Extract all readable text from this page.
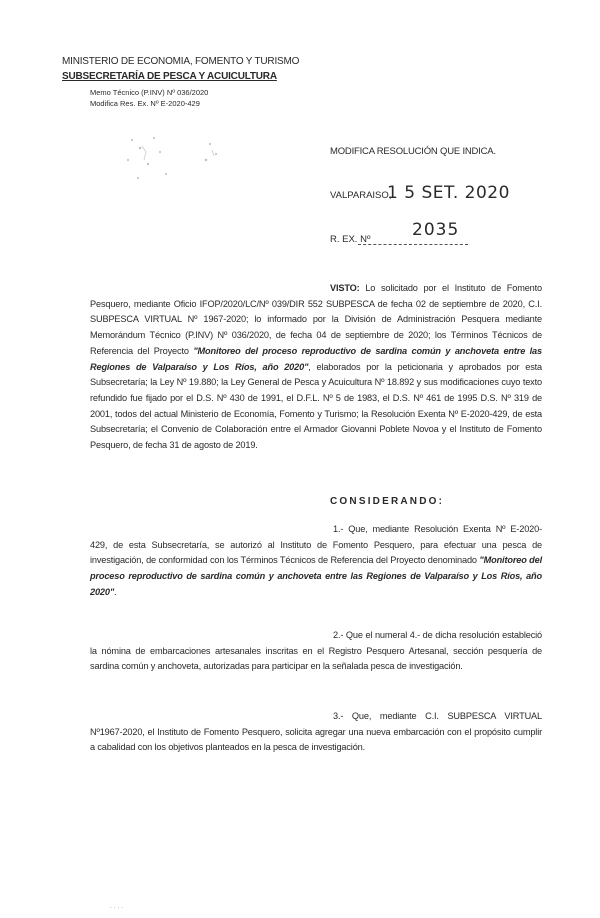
MINISTERIO DE ECONOMIA, FOMENTO Y TURISMO
SUBSECRETARÍA DE PESCA Y ACUICULTURA
Memo Técnico (P.INV) Nº 036/2020
Modifica Res. Ex. Nº E-2020-429
MODIFICA RESOLUCIÓN QUE INDICA.
VALPARAISO,
1 5 SET. 2020
R. EX. Nº 2035
VISTO: Lo solicitado por el Instituto de Fomento Pesquero, mediante Oficio IFOP/2020/LC/Nº 039/DIR 552 SUBPESCA de fecha 02 de septiembre de 2020, C.I. SUBPESCA VIRTUAL Nº 1967-2020; lo informado por la División de Administración Pesquera mediante Memorándum Técnico (P.INV) Nº 036/2020, de fecha 04 de septiembre de 2020; los Términos Técnicos de Referencia del Proyecto "Monitoreo del proceso reproductivo de sardina común y anchoveta entre las Regiones de Valparaíso y Los Ríos, año 2020", elaborados por la peticionaria y aprobados por esta Subsecretaría; la Ley Nº 19.880; la Ley General de Pesca y Acuicultura Nº 18.892 y sus modificaciones cuyo texto refundido fue fijado por el D.S. Nº 430 de 1991, el D.F.L. Nº 5 de 1983, el D.S. Nº 461 de 1995 D.S. Nº 319 de 2001, todos del actual Ministerio de Economía, Fomento y Turismo; la Resolución Exenta Nº E-2020-429, de esta Subsecretaría; el Convenio de Colaboración entre el Armador Giovanni Poblete Novoa y el Instituto de Fomento Pesquero, de fecha 31 de agosto de 2019.
CONSIDERANDO:
1.- Que, mediante Resolución Exenta Nº E-2020-429, de esta Subsecretaría, se autorizó al Instituto de Fomento Pesquero, para efectuar una pesca de investigación, de conformidad con los Términos Técnicos de Referencia del Proyecto denominado "Monitoreo del proceso reproductivo de sardina común y anchoveta entre las Regiones de Valparaíso y Los Ríos, año 2020".
2.- Que el numeral 4.- de dicha resolución estableció la nómina de embarcaciones artesanales inscritas en el Registro Pesquero Artesanal, sección pesquería de sardina común y anchoveta, autorizadas para participar en la señalada pesca de investigación.
3.- Que, mediante C.I. SUBPESCA VIRTUAL Nº1967-2020, el Instituto de Fomento Pesquero, solicita agregar una nueva embarcación con el propósito cumplir a cabalidad con los objetivos planteados en la pesca de investigación.
· · · ·
